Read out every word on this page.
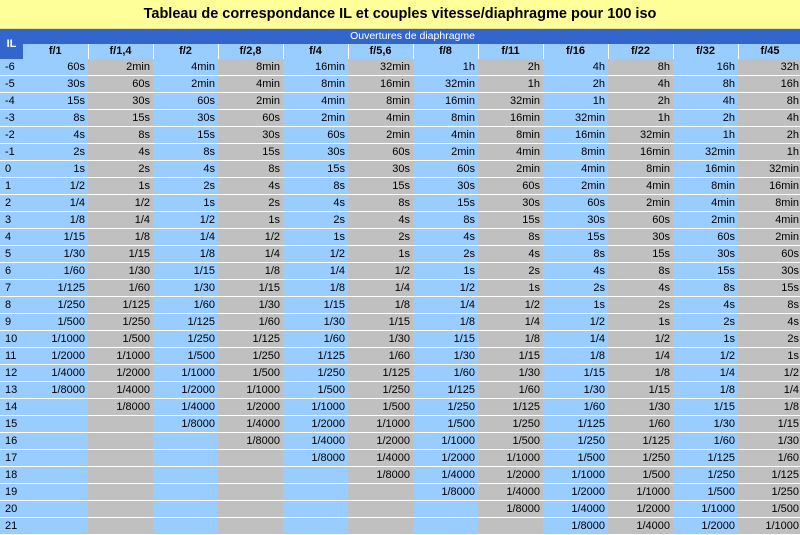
Tableau de correspondance IL et couples vitesse/diaphragme pour 100 iso
IL	Ouvertures de diaphragme											
	f/1	f/1,4	f/2	f/2,8	f/4	f/5,6	f/8	f/11	f/16	f/22	f/32	f/45
-6	60s	2min	4min	8min	16min	32min	1h	2h	4h	8h	16h	32h
-5	30s	60s	2min	4min	8min	16min	32min	1h	2h	4h	8h	16h
-4	15s	30s	60s	2min	4min	8min	16min	32min	1h	2h	4h	8h
-3	8s	15s	30s	60s	2min	4min	8min	16min	32min	1h	2h	4h
-2	4s	8s	15s	30s	60s	2min	4min	8min	16min	32min	1h	2h
-1	2s	4s	8s	15s	30s	60s	2min	4min	8min	16min	32min	1h
0	1s	2s	4s	8s	15s	30s	60s	2min	4min	8min	16min	32min
1	1/2	1s	2s	4s	8s	15s	30s	60s	2min	4min	8min	16min
2	1/4	1/2	1s	2s	4s	8s	15s	30s	60s	2min	4min	8min
3	1/8	1/4	1/2	1s	2s	4s	8s	15s	30s	60s	2min	4min
4	1/15	1/8	1/4	1/2	1s	2s	4s	8s	15s	30s	60s	2min
5	1/30	1/15	1/8	1/4	1/2	1s	2s	4s	8s	15s	30s	60s
6	1/60	1/30	1/15	1/8	1/4	1/2	1s	2s	4s	8s	15s	30s
7	1/125	1/60	1/30	1/15	1/8	1/4	1/2	1s	2s	4s	8s	15s
8	1/250	1/125	1/60	1/30	1/15	1/8	1/4	1/2	1s	2s	4s	8s
9	1/500	1/250	1/125	1/60	1/30	1/15	1/8	1/4	1/2	1s	2s	4s
10	1/1000	1/500	1/250	1/125	1/60	1/30	1/15	1/8	1/4	1/2	1s	2s
11	1/2000	1/1000	1/500	1/250	1/125	1/60	1/30	1/15	1/8	1/4	1/2	1s
12	1/4000	1/2000	1/1000	1/500	1/250	1/125	1/60	1/30	1/15	1/8	1/4	1/2
13	1/8000	1/4000	1/2000	1/1000	1/500	1/250	1/125	1/60	1/30	1/15	1/8	1/4
14		1/8000	1/4000	1/2000	1/1000	1/500	1/250	1/125	1/60	1/30	1/15	1/8
15			1/8000	1/4000	1/2000	1/1000	1/500	1/250	1/125	1/60	1/30	1/15
16				1/8000	1/4000	1/2000	1/1000	1/500	1/250	1/125	1/60	1/30
17					1/8000	1/4000	1/2000	1/1000	1/500	1/250	1/125	1/60
18						1/8000	1/4000	1/2000	1/1000	1/500	1/250	1/125
19							1/8000	1/4000	1/2000	1/1000	1/500	1/250
20								1/8000	1/4000	1/2000	1/1000	1/500
21									1/8000	1/4000	1/2000	1/1000
